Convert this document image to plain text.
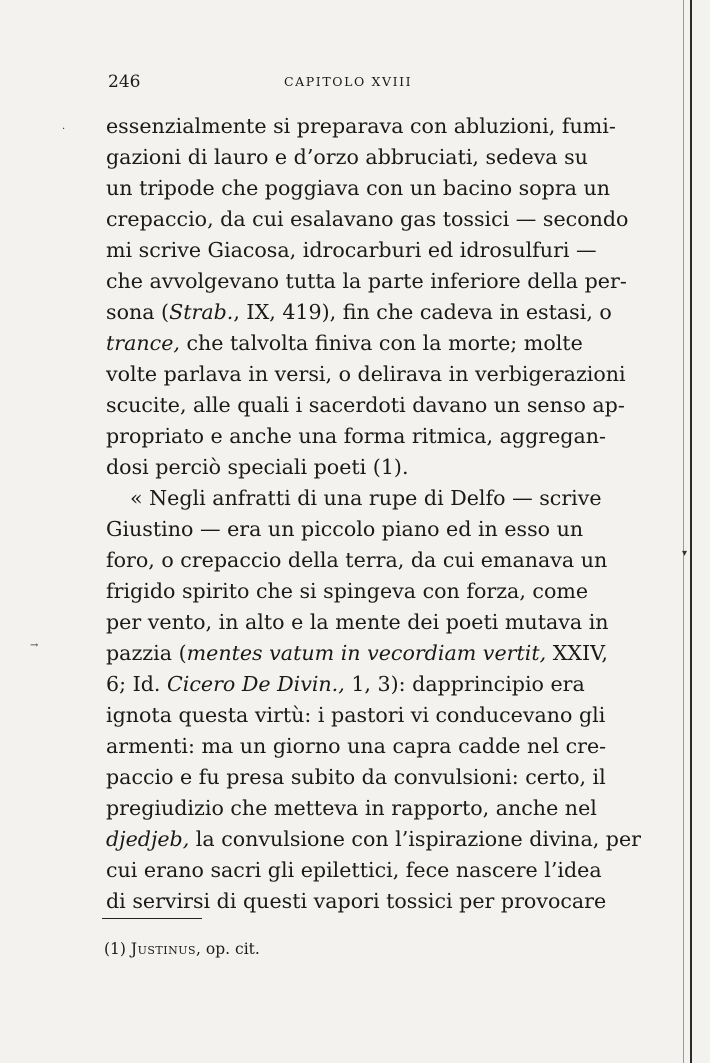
246	CAPITOLO XVIII
essenzialmente si preparava con abluzioni, fumi-
gazioni di lauro e d’orzo abbruciati, sedeva su
un tripode che poggiava con un bacino sopra un
crepaccio, da cui esalavano gas tossici — secondo
mi scrive Giacosa, idrocarburi ed idrosulfuri —
che avvolgevano tutta la parte inferiore della per-
sona (Strab., IX, 419), fin che cadeva in estasi, o
trance, che talvolta finiva con la morte; molte
volte parlava in versi, o delirava in verbigerazioni
scucite, alle quali i sacerdoti davano un senso ap-
propriato e anche una forma ritmica, aggregan-
dosi perciò speciali poeti (1).
« Negli anfratti di una rupe di Delfo — scrive
Giustino — era un piccolo piano ed in esso un
foro, o crepaccio della terra, da cui emanava un
frigido spirito che si spingeva con forza, come
per vento, in alto e la mente dei poeti mutava in
pazzia (mentes vatum in vecordiam vertit, XXIV,
6; Id. Cicero De Divin., 1, 3): dapprincipio era
ignota questa virtù: i pastori vi conducevano gli
armenti: ma un giorno una capra cadde nel cre-
paccio e fu presa subito da convulsioni: certo, il
pregiudizio che metteva in rapporto, anche nel
djedjeb, la convulsione con l’ispirazione divina, per
cui erano sacri gli epilettici, fece nascere l’idea
di servirsi di questi vapori tossici per provocare
(1) Justinus, op. cit.
·
→
▾
